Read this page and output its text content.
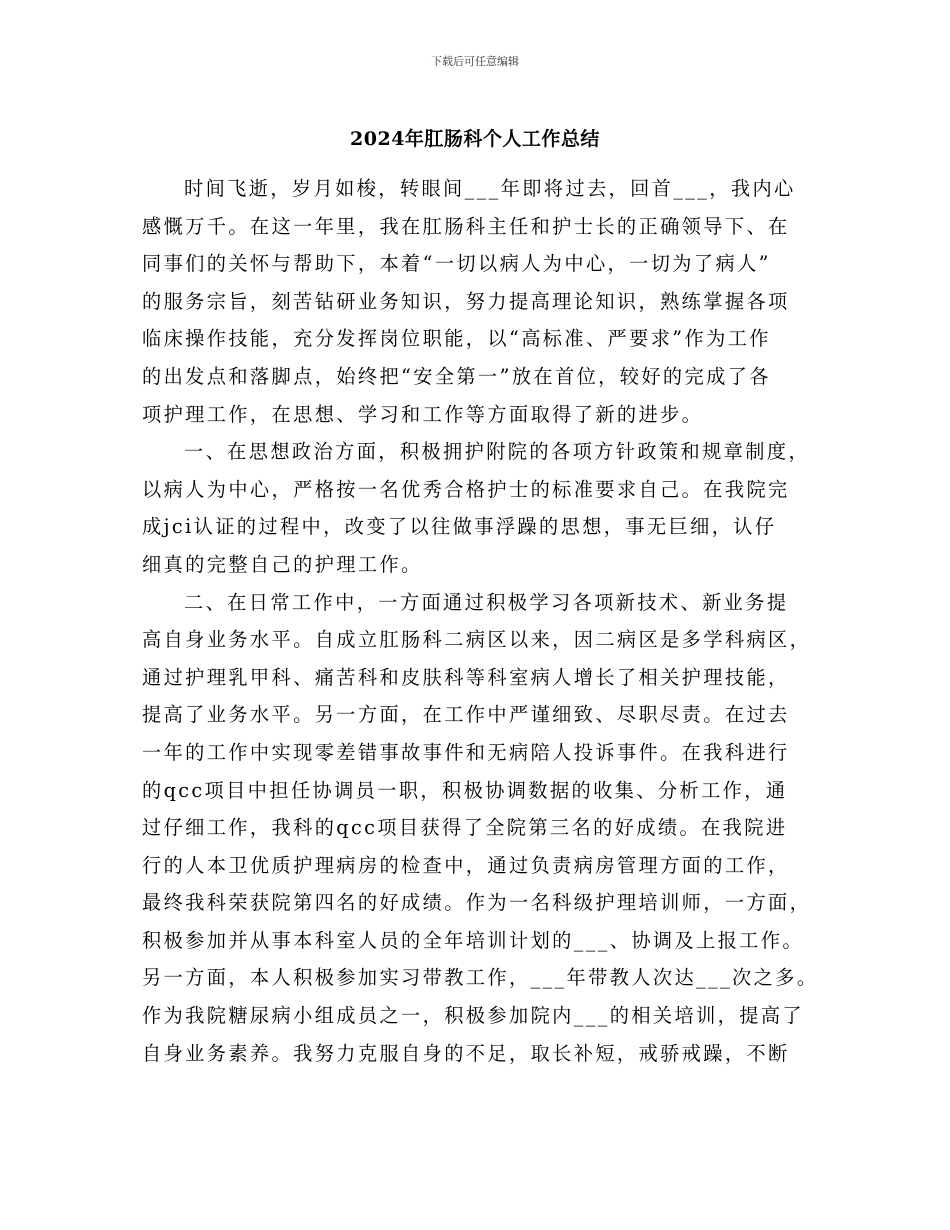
下载后可任意编辑
2024年肛肠科个人工作总结

时间飞逝，岁月如梭，转眼间___年即将过去，回首___，我内心
感慨万千。在这一年里，我在肛肠科主任和护士长的正确领导下、在
同事们的关怀与帮助下，本着“一切以病人为中心，一切为了病人”
的服务宗旨，刻苦钻研业务知识，努力提高理论知识，熟练掌握各项
临床操作技能，充分发挥岗位职能，以“高标准、严要求”作为工作
的出发点和落脚点，始终把“安全第一”放在首位，较好的完成了各
项护理工作，在思想、学习和工作等方面取得了新的进步。

一、在思想政治方面，积极拥护附院的各项方针政策和规章制度，
以病人为中心，严格按一名优秀合格护士的标准要求自己。在我院完
成jci认证的过程中，改变了以往做事浮躁的思想，事无巨细，认仔
细真的完整自己的护理工作。

二、在日常工作中，一方面通过积极学习各项新技术、新业务提
高自身业务水平。自成立肛肠科二病区以来，因二病区是多学科病区，
通过护理乳甲科、痛苦科和皮肤科等科室病人增长了相关护理技能，
提高了业务水平。另一方面，在工作中严谨细致、尽职尽责。在过去
一年的工作中实现零差错事故事件和无病陪人投诉事件。在我科进行
的qcc项目中担任协调员一职，积极协调数据的收集、分析工作，通
过仔细工作，我科的qcc项目获得了全院第三名的好成绩。在我院进
行的人本卫优质护理病房的检查中，通过负责病房管理方面的工作，
最终我科荣获院第四名的好成绩。作为一名科级护理培训师，一方面，
积极参加并从事本科室人员的全年培训计划的___、协调及上报工作。
另一方面，本人积极参加实习带教工作，___年带教人次达___次之多。
作为我院糖尿病小组成员之一，积极参加院内___的相关培训，提高了
自身业务素养。我努力克服自身的不足，取长补短，戒骄戒躁，不断
